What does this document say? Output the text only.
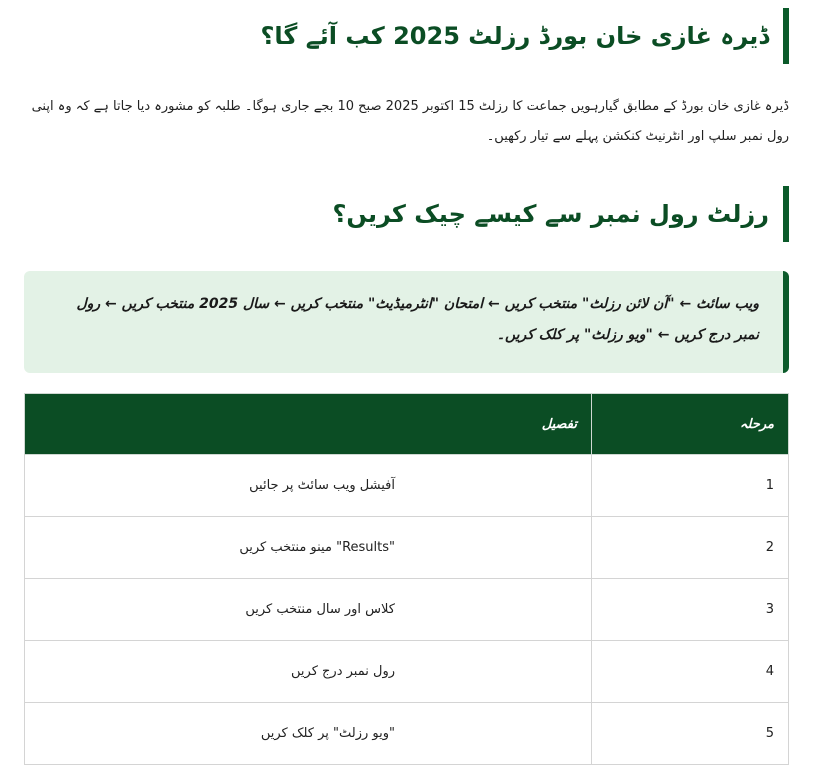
ڈیرہ غازی خان بورڈ رزلٹ 2025 کب آئے گا؟

ڈیرہ غازی خان بورڈ کے مطابق گیارہویں جماعت کا رزلٹ 15 اکتوبر 2025 صبح 10 بجے جاری ہوگا۔ طلبہ کو مشورہ دیا جاتا ہے کہ وہ اپنی رول نمبر سلپ اور انٹرنیٹ کنکشن پہلے سے تیار رکھیں۔

رزلٹ رول نمبر سے کیسے چیک کریں؟
ویب سائٹ ← "آن لائن رزلٹ" منتخب کریں ← امتحان "انٹرمیڈیٹ" منتخب کریں ← سال 2025 منتخب کریں ← رول نمبر درج کریں ← "ویو رزلٹ" پر کلک کریں۔
مرحلہ	تفصیل
1	آفیشل ویب سائٹ پر جائیں
2	"Results" مینو منتخب کریں
3	کلاس اور سال منتخب کریں
4	رول نمبر درج کریں
5	"ویو رزلٹ" پر کلک کریں
